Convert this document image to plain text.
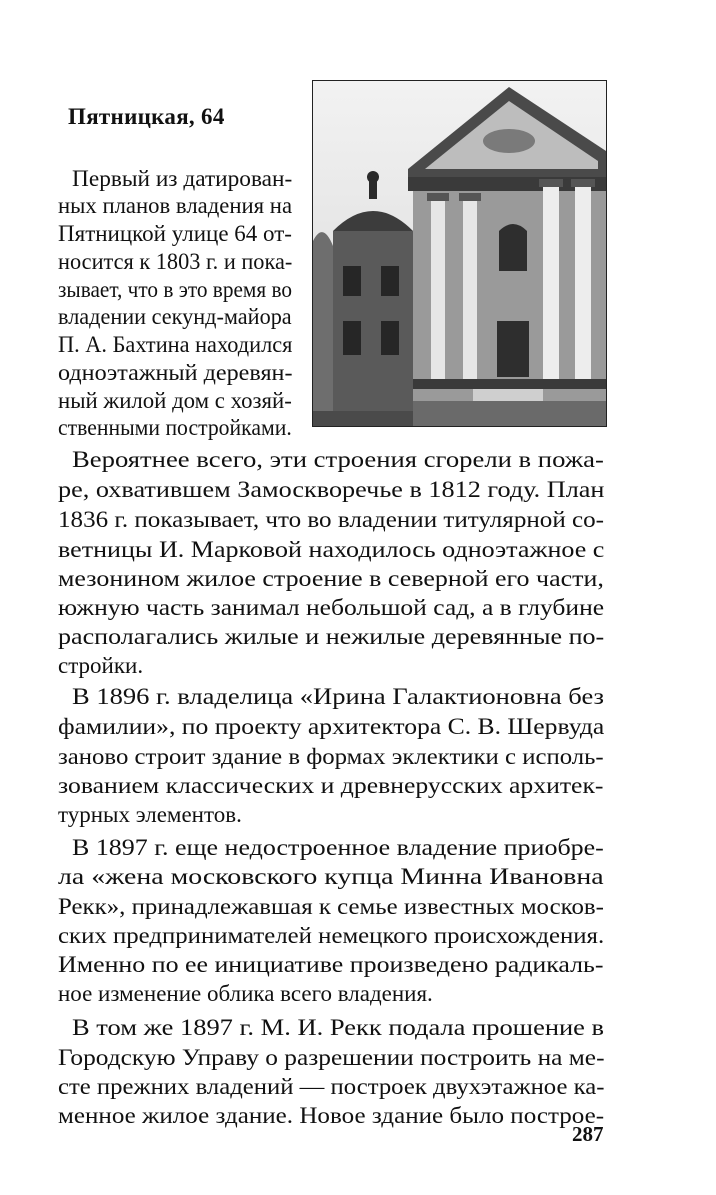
Пятницкая, 64

Первый из датирован-

ных планов владения на

Пятницкой улице 64 от-

носится к 1803 г. и пока-

зывает, что в это время во

владении секунд-майора

П. А. Бахтина находился

одноэтажный деревян-

ный жилой дом с хозяй-

ственными постройками.

Вероятнее всего, эти строения сгорели в пожа-

ре, охватившем Замоскворечье в 1812 году. План

1836 г. показывает, что во владении титулярной со-

ветницы И. Марковой находилось одноэтажное с

мезонином жилое строение в северной его части,

южную часть занимал небольшой сад, а в глубине

располагались жилые и нежилые деревянные по-

стройки.

В 1896 г. владелица «Ирина Галактионовна без

фамилии», по проекту архитектора С. В. Шервуда

заново строит здание в формах эклектики с исполь-

зованием классических и древнерусских архитек-

турных элементов.

В 1897 г. еще недостроенное владение приобре-

ла «жена московского купца Минна Ивановна

Рекк», принадлежавшая к семье известных москов-

ских предпринимателей немецкого происхождения.

Именно по ее инициативе произведено радикаль-

ное изменение облика всего владения.

В том же 1897 г. М. И. Рекк подала прошение в

Городскую Управу о разрешении построить на ме-

сте прежних владений — построек двухэтажное ка-

менное жилое здание. Новое здание было построе-

287
